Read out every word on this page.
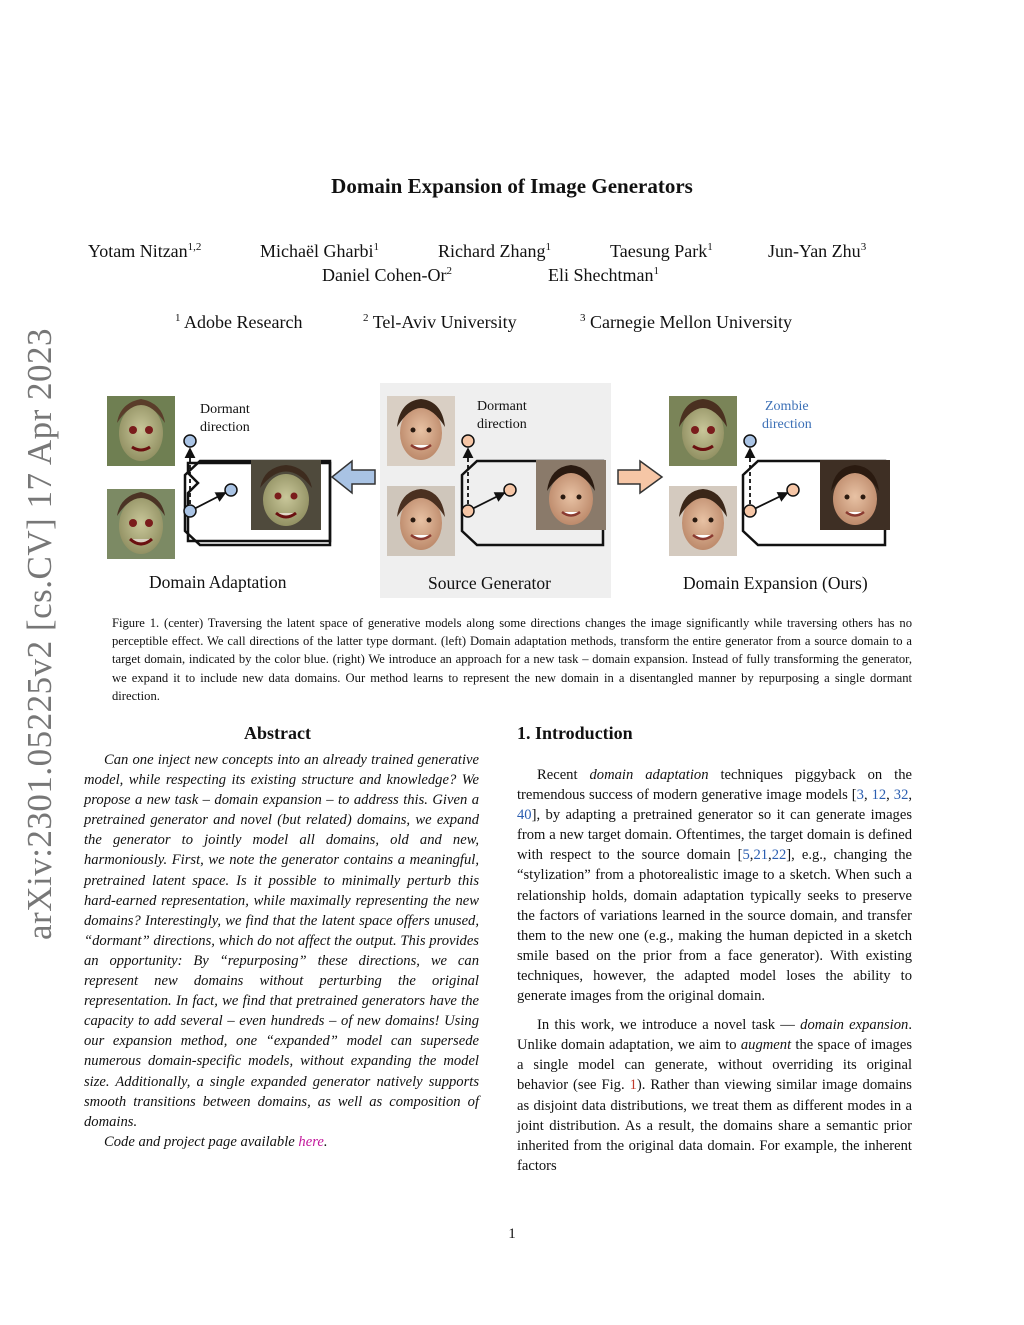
Domain Expansion of Image Generators
Yotam Nitzan$^{1,2}$	Michaël Gharbi$^1$	Richard Zhang$^1$	Taesung Park$^1$	Jun-Yan Zhu$^3$
Daniel Cohen-Or$^2$	Eli Shechtman$^1$
$^1$ Adobe Research	$^2$ Tel-Aviv University	$^3$ Carnegie Mellon University
arXiv:2301.05225v2 [cs.CV] 17 Apr 2023	Dormant
direction
Dormant
direction
Zombie
direction
Domain Adaptation	Source Generator	Domain Expansion (Ours)
Figure 1. (center) Traversing the latent space of generative models along some directions changes the image significantly while traversing others has no perceptible effect. We call directions of the latter type dormant. (left) Domain adaptation methods, transform the entire generator from a source domain to a target domain, indicated by the color blue. (right) We introduce an approach for a new task – domain expansion. Instead of fully transforming the generator, we expand it to include new data domains. Our method learns to represent the new domain in a disentangled manner by repurposing a single dormant direction.
Abstract

Can one inject new concepts into an already trained generative model, while respecting its existing structure and knowledge? We propose a new task – domain expansion – to address this. Given a pretrained generator and novel (but related) domains, we expand the generator to jointly model all domains, old and new, harmoniously. First, we note the generator contains a meaningful, pretrained latent space. Is it possible to minimally perturb this hard-earned representation, while maximally representing the new domains? Interestingly, we find that the latent space offers unused, “dormant” directions, which do not affect the output. This provides an opportunity: By “repurposing” these directions, we can represent new domains without perturbing the original representation. In fact, we find that pretrained generators have the capacity to add several – even hundreds – of new domains! Using our expansion method, one “expanded” model can supersede numerous domain-specific models, without expanding the model size. Additionally, a single expanded generator natively supports smooth transitions between domains, as well as composition of domains.

Code and project page available here.

1. Introduction

Recent domain adaptation techniques piggyback on the tremendous success of modern generative image models [3, 12, 32, 40], by adapting a pretrained generator so it can generate images from a new target domain. Oftentimes, the target domain is defined with respect to the source domain [5,21,22], e.g., changing the “stylization” from a photorealistic image to a sketch. When such a relationship holds, domain adaptation typically seeks to preserve the factors of variations learned in the source domain, and transfer them to the new one (e.g., making the human depicted in a sketch smile based on the prior from a face generator). With existing techniques, however, the adapted model loses the ability to generate images from the original domain.

In this work, we introduce a novel task — domain expansion. Unlike domain adaptation, we aim to augment the space of images a single model can generate, without overriding its original behavior (see Fig. 1). Rather than viewing similar image domains as disjoint data distributions, we treat them as different modes in a joint distribution. As a result, the domains share a semantic prior inherited from the original data domain. For example, the inherent factors

1
